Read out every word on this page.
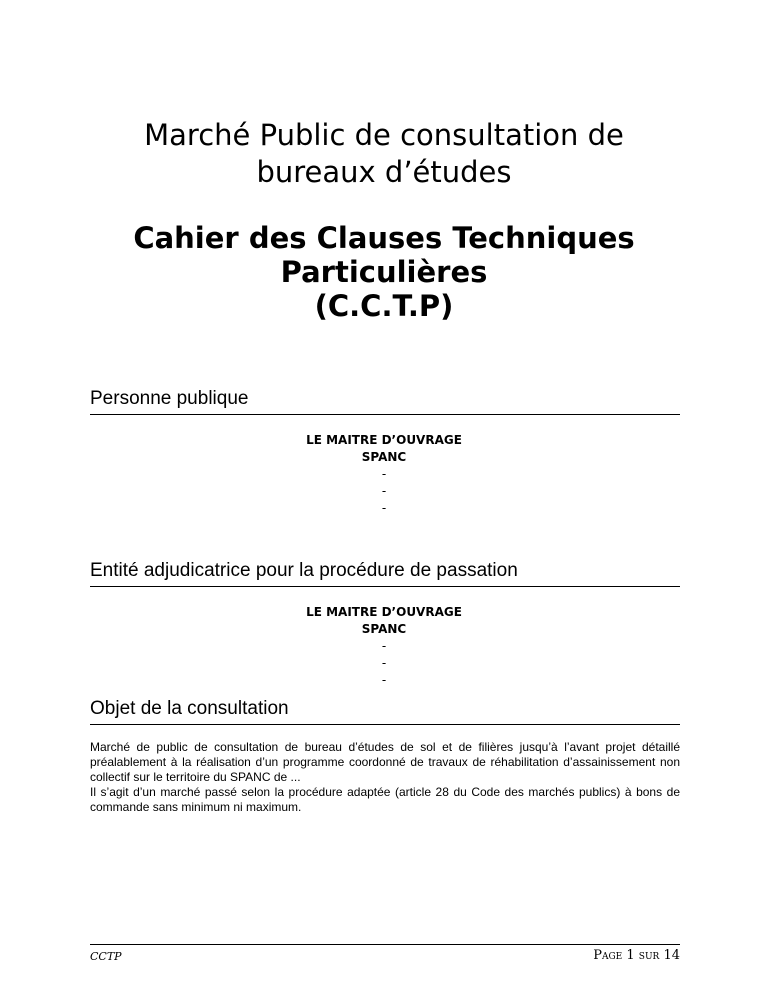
Marché Public de consultation de
bureaux d’études
Cahier des Clauses Techniques
Particulières
(C.C.T.P)
Personne publique
LE MAITRE D’OUVRAGE
SPANC
-
-
-
Entité adjudicatrice pour la procédure de passation
LE MAITRE D’OUVRAGE
SPANC
-
-
-
Objet de la consultation

Marché de public de consultation de bureau d’études de sol et de filières jusqu’à l’avant projet détaillé préalablement à la réalisation d’un programme coordonné de travaux de réhabilitation d’assainissement non collectif sur le territoire du SPANC de ...

Il s’agit d’un marché passé selon la procédure adaptée (article 28 du Code des marchés publics) à bons de commande sans minimum ni maximum.

CCTP	Page 1 sur 14
